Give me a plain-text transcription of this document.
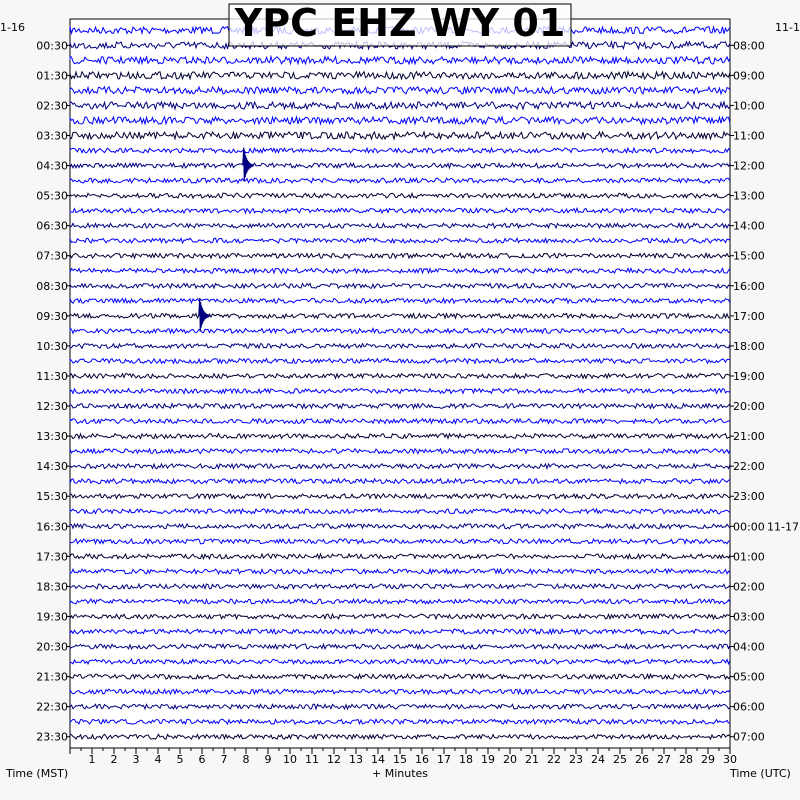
YPC EHZ WY 01
1-16	11-1
+ Minutes
Time (MST)	Time (UTC)
1 2 3 4 5 6 7 8 9 10 11 12 13 14 15 16 17 18 19 20 21 22 23 24 25 26 27 28 29 30
00:30
01:30
02:30
03:30
04:30
05:30
06:30
07:30
08:30
09:30
10:30
11:30
12:30
13:30
14:30
15:30
16:30
17:30
18:30
19:30
20:30
21:30
22:30
23:30
08:00
09:00
10:00
11:00
12:00
13:00
14:00
15:00
16:00
17:00
18:00
19:00
20:00
21:00
22:00
23:00
00:00 11-17
01:00
02:00
03:00
04:00
05:00
06:00
07:00
